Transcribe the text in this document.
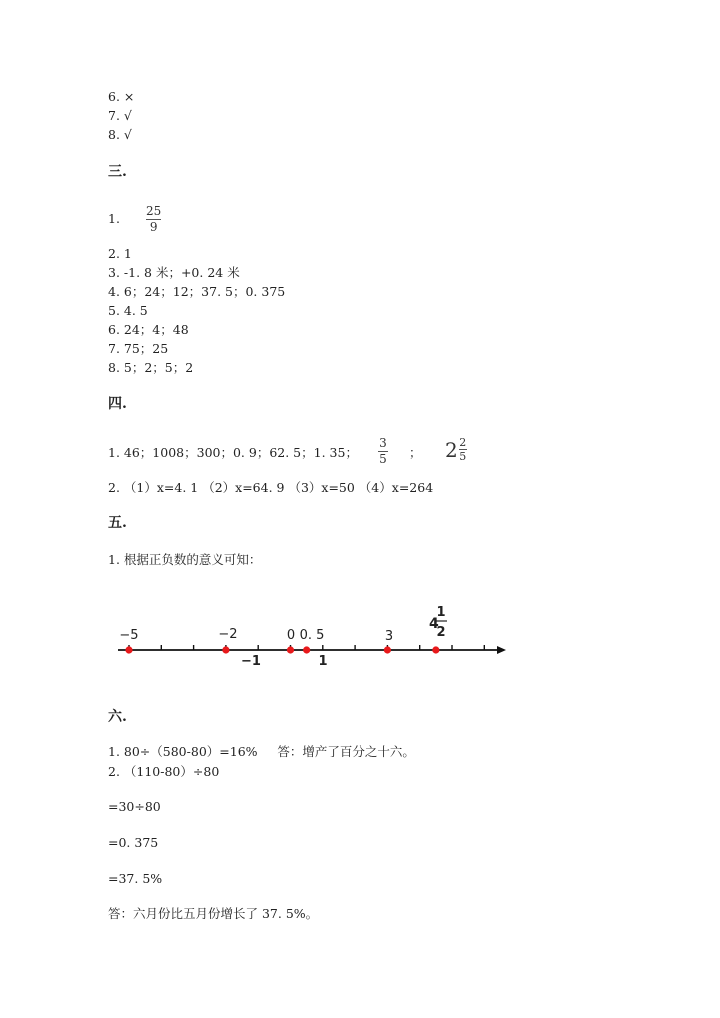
6. ×
7. √
8. √
三.
1. 25
9
2. 1
3. -1. 8 米；+0. 24 米
4. 6；24；12；37. 5；0. 375
5. 4. 5
6. 24；4；48
7. 75；25
8. 5；2；5；2
四.
1. 46；1008；300；0. 9；62. 5；1. 35；
3
5 ； $2 \frac{2}{5}$
2. （1）x=4. 1 （2）x=64. 9 （3）x=50 （4）x=264
五.
1. 根据正负数的意义可知：
−5	−2	0 0. 5	3
−1	1
4
1
2
六.
1. 80÷（580-80）=16%     答：增产了百分之十六。
2. （110-80）÷80
=30÷80
=0. 375
=37. 5%
答：六月份比五月份增长了 37. 5%。
